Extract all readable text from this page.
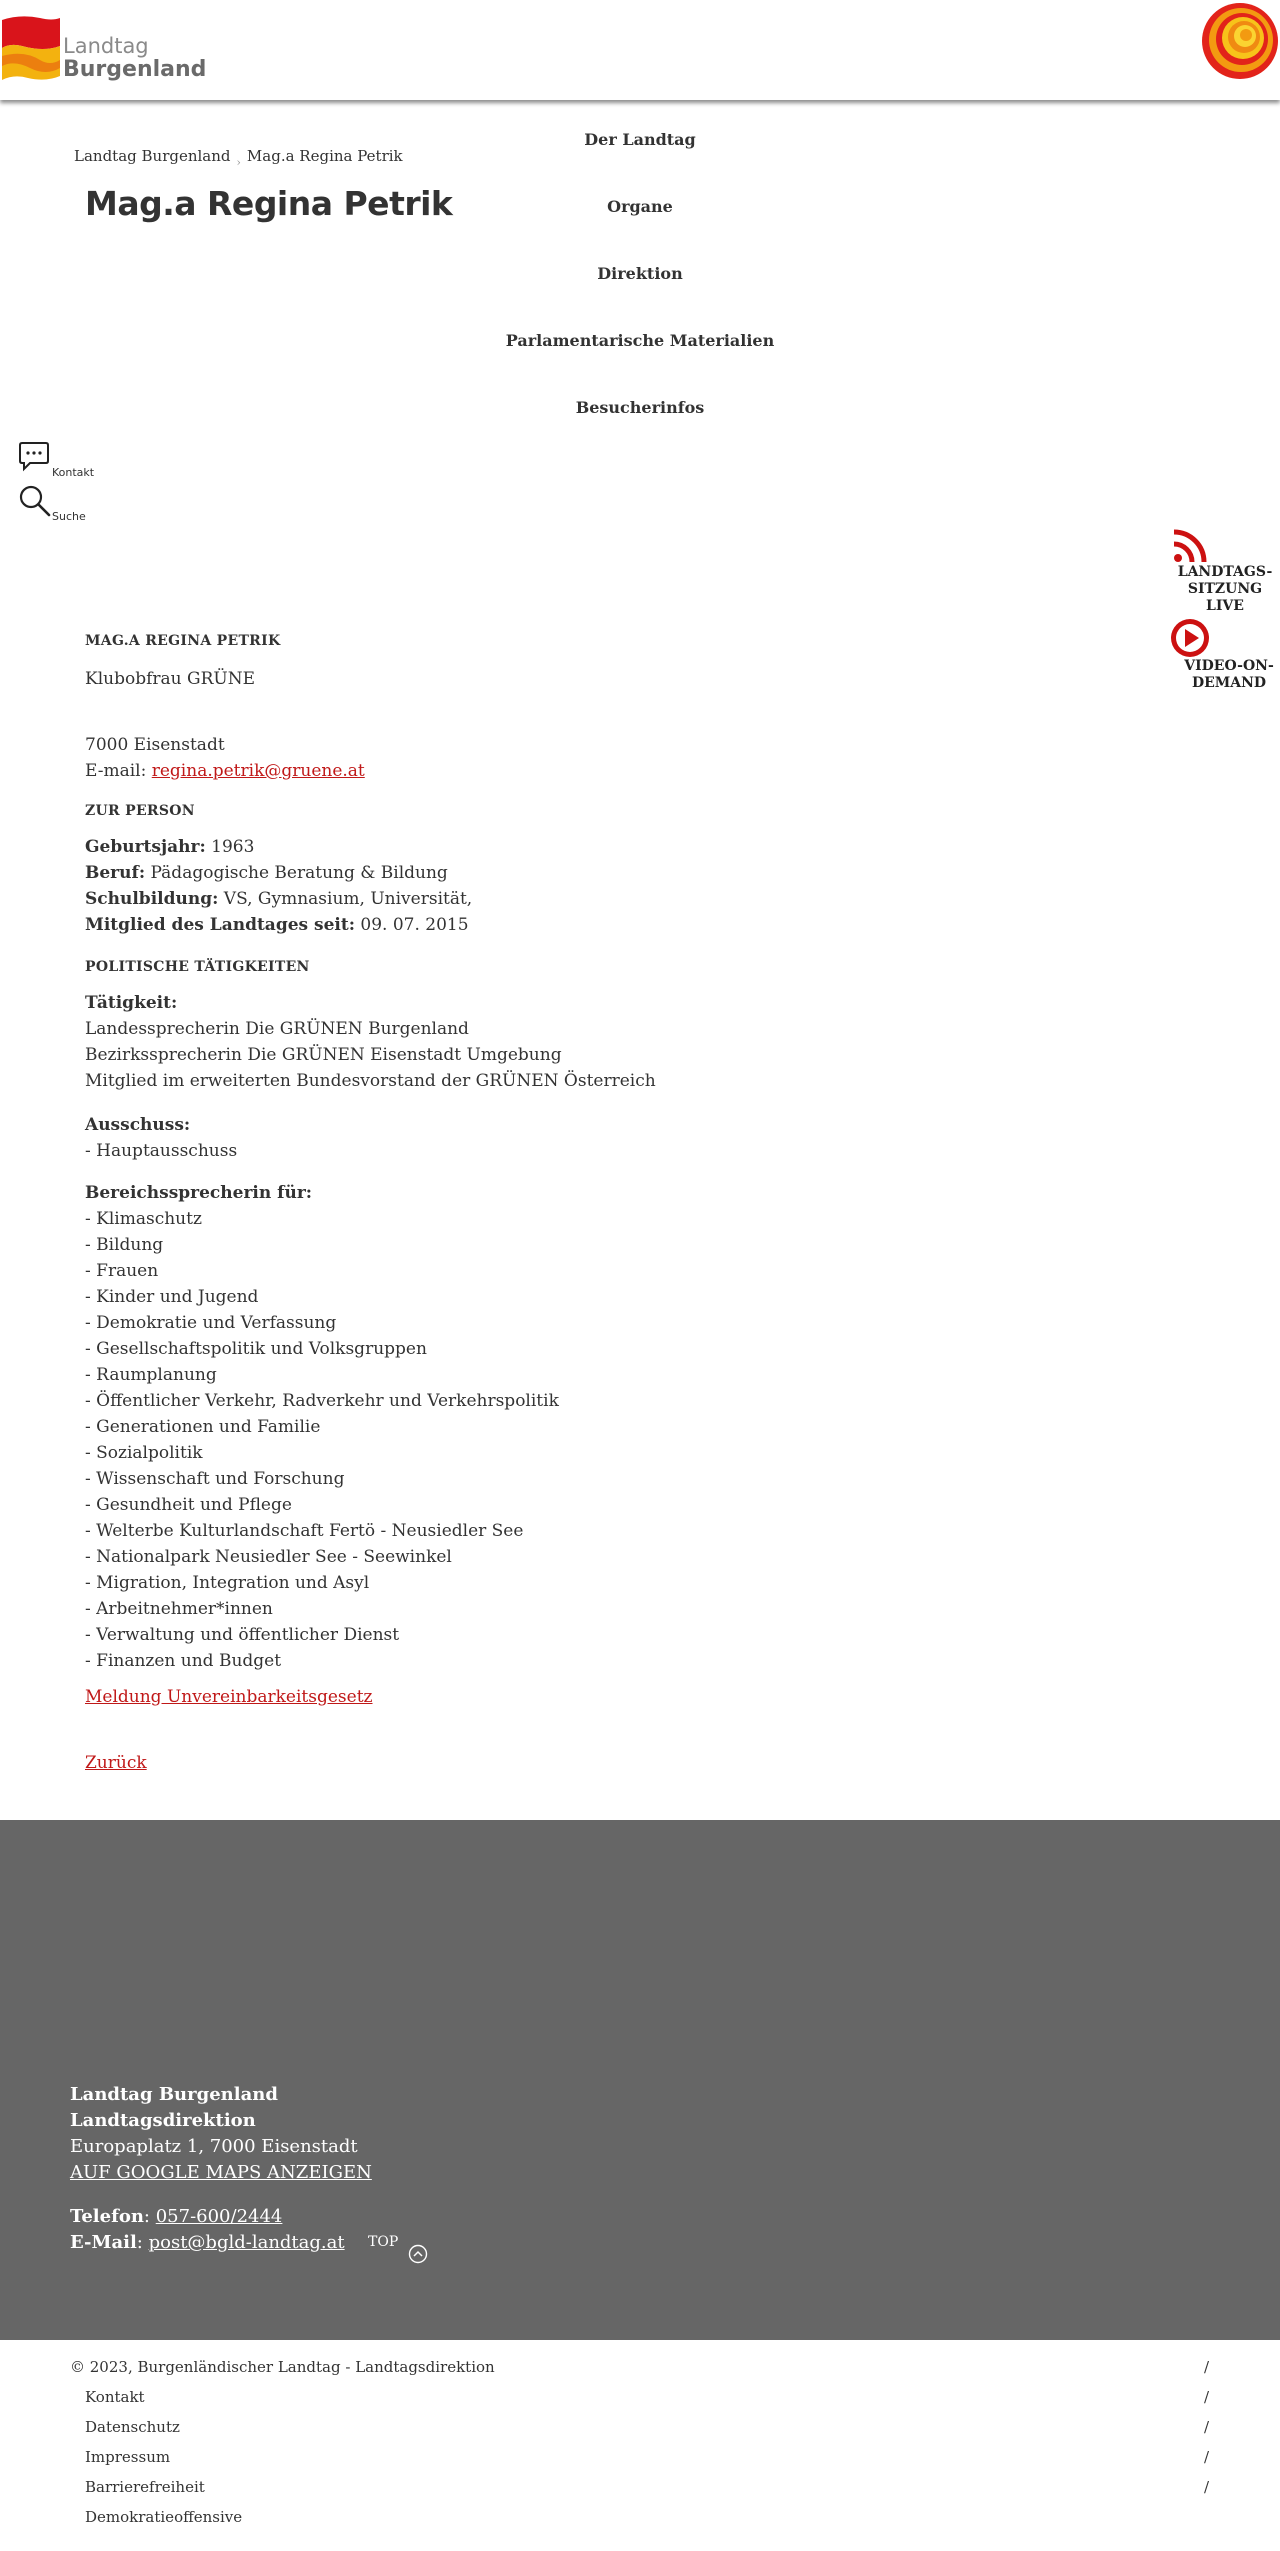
Landtag
Burgenland
Landtag Burgenland › Mag.a Regina Petrik
Mag.a Regina Petrik
Der Landtag
Organe
Direktion
Parlamentarische Materialien
Besucherinfos
Kontakt
Suche
LANDTAGS-
SITZUNG LIVE
VIDEO-ON-
DEMAND
MAG.A REGINA PETRIK
Klubobfrau GRÜNE
7000 Eisenstadt
E-mail: regina.petrik@gruene.at
ZUR PERSON
Geburtsjahr: 1963
Beruf: Pädagogische Beratung & Bildung
Schulbildung: VS, Gymnasium, Universität,
Mitglied des Landtages seit: 09. 07. 2015
POLITISCHE TÄTIGKEITEN
Tätigkeit:
Landessprecherin Die GRÜNEN Burgenland
Bezirkssprecherin Die GRÜNEN Eisenstadt Umgebung
Mitglied im erweiterten Bundesvorstand der GRÜNEN Österreich
Ausschuss:
- Hauptausschuss
Bereichssprecherin für:
- Klimaschutz
- Bildung
- Frauen
- Kinder und Jugend
- Demokratie und Verfassung
- Gesellschaftspolitik und Volksgruppen
- Raumplanung
- Öffentlicher Verkehr, Radverkehr und Verkehrspolitik
- Generationen und Familie
- Sozialpolitik
- Wissenschaft und Forschung
- Gesundheit und Pflege
- Welterbe Kulturlandschaft Fertö - Neusiedler See
- Nationalpark Neusiedler See - Seewinkel
- Migration, Integration und Asyl
- Arbeitnehmer*innen
- Verwaltung und öffentlicher Dienst
- Finanzen und Budget
Meldung Unvereinbarkeitsgesetz
Zurück
Landtag Burgenland
Landtagsdirektion
Europaplatz 1, 7000 Eisenstadt
AUF GOOGLE MAPS ANZEIGEN
Telefon: 057-600/2444
E-Mail: post@bgld-landtag.at TOP
© 2023, Burgenländischer Landtag - Landtagsdirektion
Kontakt
Datenschutz
Impressum
Barrierefreiheit
Demokratieoffensive
/
/
/
/
/
